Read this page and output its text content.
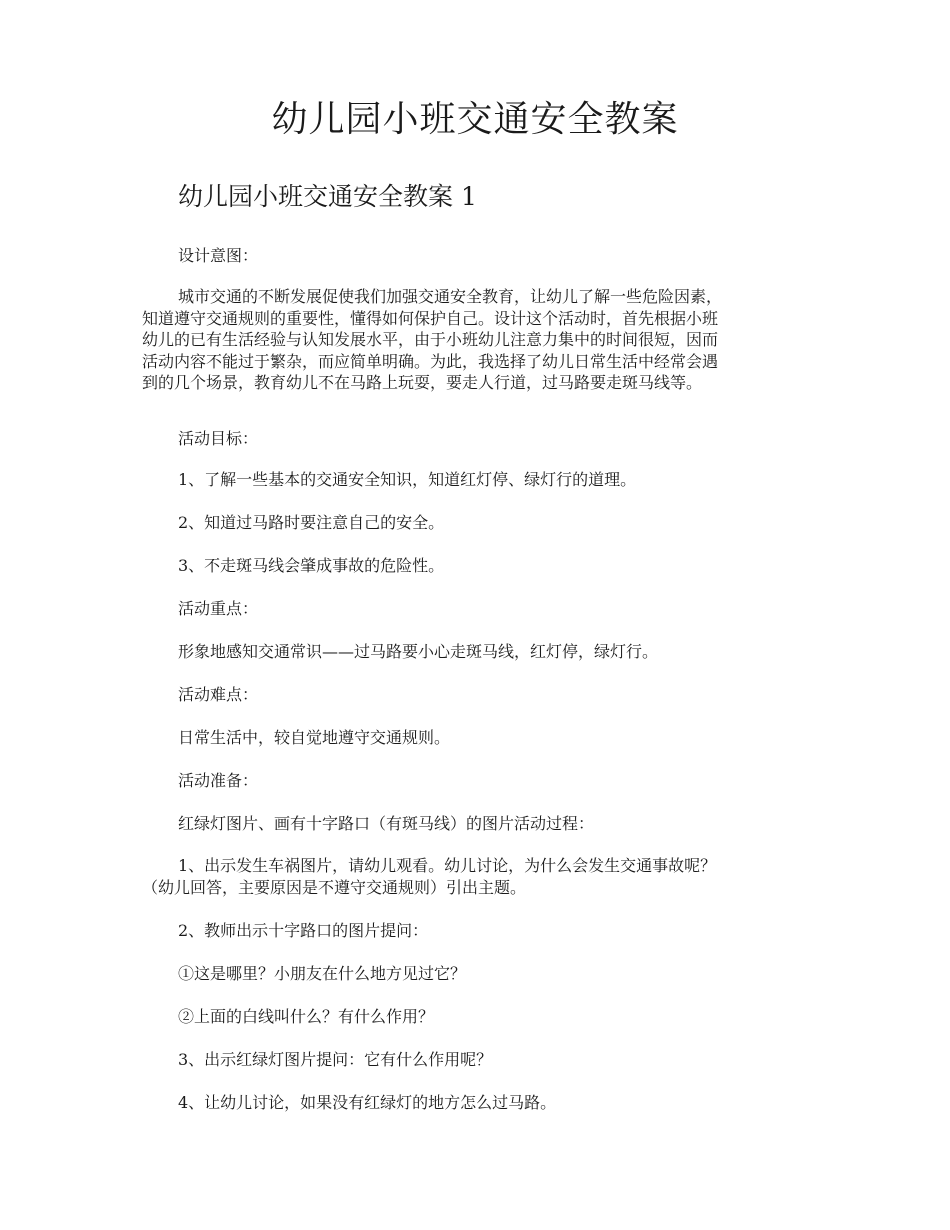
幼儿园小班交通安全教案
幼儿园小班交通安全教案 1
设计意图：
城市交通的不断发展促使我们加强交通安全教育，让幼儿了解一些危险因素，
知道遵守交通规则的重要性，懂得如何保护自己。设计这个活动时，首先根据小班
幼儿的已有生活经验与认知发展水平，由于小班幼儿注意力集中的时间很短，因而
活动内容不能过于繁杂，而应简单明确。为此，我选择了幼儿日常生活中经常会遇
到的几个场景，教育幼儿不在马路上玩耍，要走人行道，过马路要走斑马线等。
活动目标：
1、了解一些基本的交通安全知识，知道红灯停、绿灯行的道理。
2、知道过马路时要注意自己的安全。
3、不走斑马线会肇成事故的危险性。
活动重点：
形象地感知交通常识——过马路要小心走斑马线，红灯停，绿灯行。
活动难点：
日常生活中，较自觉地遵守交通规则。
活动准备：
红绿灯图片、画有十字路口（有斑马线）的图片活动过程：
1、出示发生车祸图片，请幼儿观看。幼儿讨论，为什么会发生交通事故呢？
（幼儿回答，主要原因是不遵守交通规则）引出主题。
2、教师出示十字路口的图片提问：
①这是哪里？小朋友在什么地方见过它？
②上面的白线叫什么？有什么作用？
3、出示红绿灯图片提问：它有什么作用呢？
4、让幼儿讨论，如果没有红绿灯的地方怎么过马路。
